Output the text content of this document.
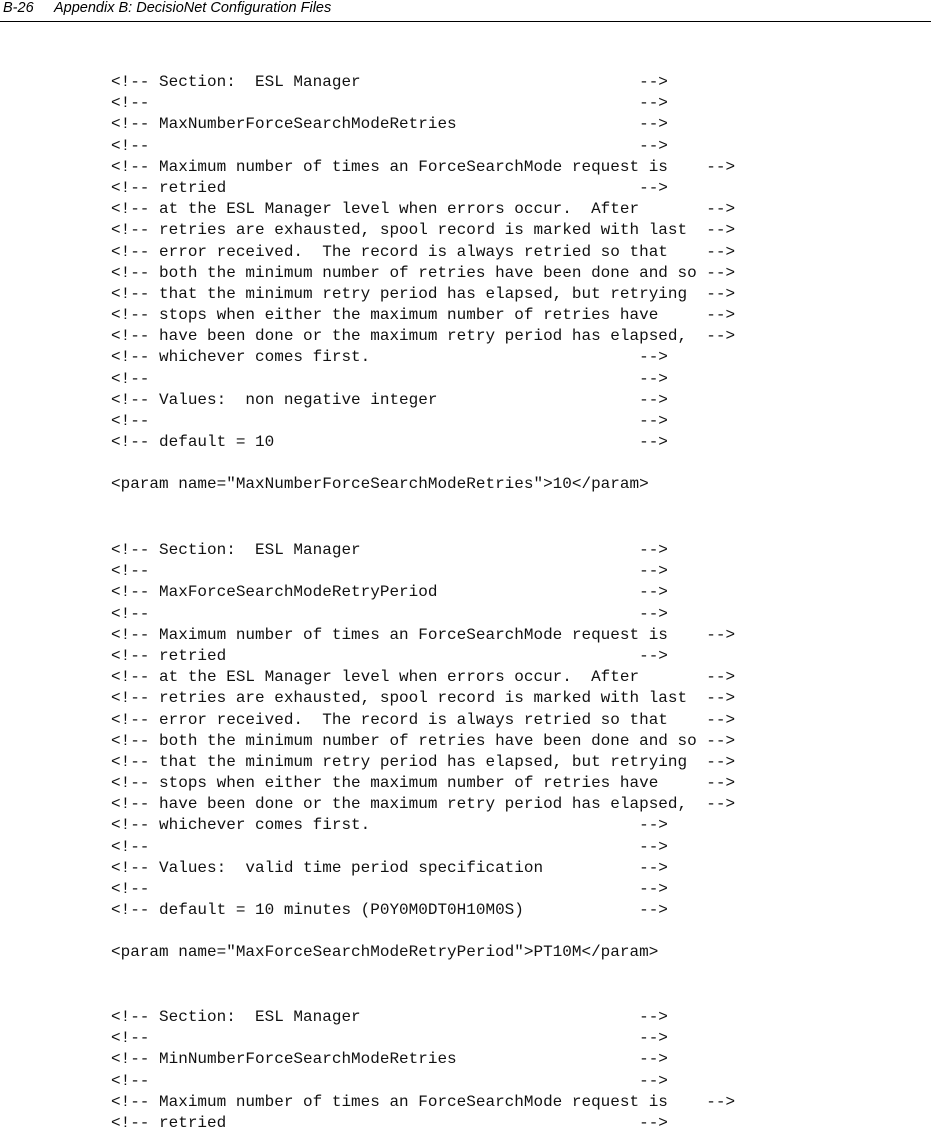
B-26 Appendix B: DecisioNet Configuration Files
<!-- Section:  ESL Manager                             -->
<!--                                                   -->
<!-- MaxNumberForceSearchModeRetries                   -->
<!--                                                   -->
<!-- Maximum number of times an ForceSearchMode request is    -->
<!-- retried                                           -->
<!-- at the ESL Manager level when errors occur.  After       -->
<!-- retries are exhausted, spool record is marked with last  -->
<!-- error received.  The record is always retried so that    -->
<!-- both the minimum number of retries have been done and so -->
<!-- that the minimum retry period has elapsed, but retrying  -->
<!-- stops when either the maximum number of retries have     -->
<!-- have been done or the maximum retry period has elapsed,  -->
<!-- whichever comes first.                            -->
<!--                                                   -->
<!-- Values:  non negative integer                     -->
<!--                                                   -->
<!-- default = 10                                      -->
<param name="MaxNumberForceSearchModeRetries">10</param>
<!-- Section:  ESL Manager                             -->
<!--                                                   -->
<!-- MaxForceSearchModeRetryPeriod                     -->
<!--                                                   -->
<!-- Maximum number of times an ForceSearchMode request is    -->
<!-- retried                                           -->
<!-- at the ESL Manager level when errors occur.  After       -->
<!-- retries are exhausted, spool record is marked with last  -->
<!-- error received.  The record is always retried so that    -->
<!-- both the minimum number of retries have been done and so -->
<!-- that the minimum retry period has elapsed, but retrying  -->
<!-- stops when either the maximum number of retries have     -->
<!-- have been done or the maximum retry period has elapsed,  -->
<!-- whichever comes first.                            -->
<!--                                                   -->
<!-- Values:  valid time period specification          -->
<!--                                                   -->
<!-- default = 10 minutes (P0Y0M0DT0H10M0S)            -->
<param name="MaxForceSearchModeRetryPeriod">PT10M</param>
<!-- Section:  ESL Manager                             -->
<!--                                                   -->
<!-- MinNumberForceSearchModeRetries                   -->
<!--                                                   -->
<!-- Maximum number of times an ForceSearchMode request is    -->
<!-- retried                                           -->
